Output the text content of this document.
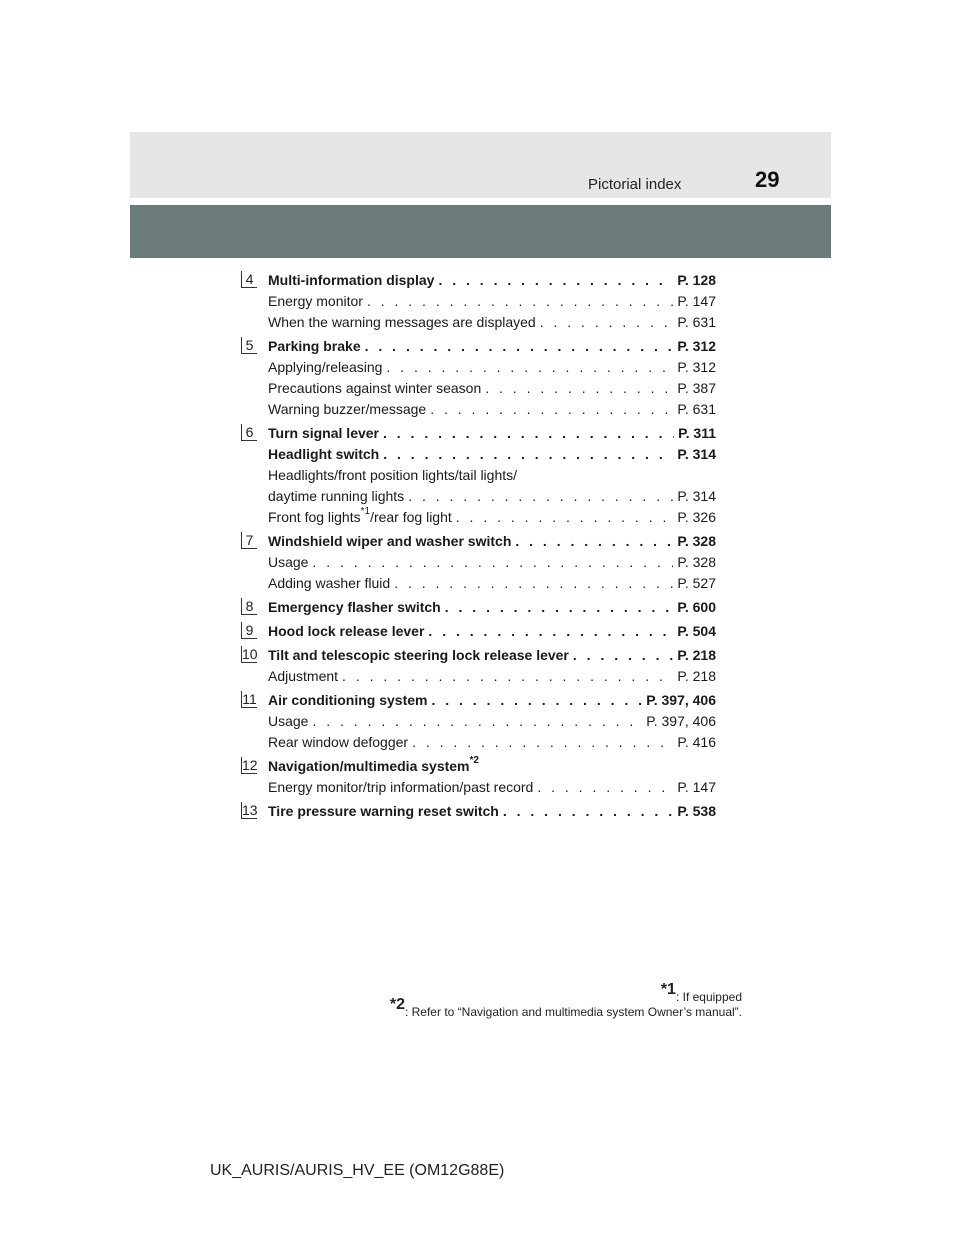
Pictorial index	29
4 Multi-information display . . .	P. 128
Energy monitor . . .	P. 147
When the warning messages are displayed . . .	P. 631
5 Parking brake . . .	P. 312
Applying/releasing . . .	P. 312
Precautions against winter season . . .	P. 387
Warning buzzer/message . . .	P. 631
6 Turn signal lever . . .	P. 311
Headlight switch . . .	P. 314
Headlights/front position lights/tail lights/
daytime running lights . . .	P. 314
Front fog lights$^{*1}$/rear fog light . . .	P. 326
7 Windshield wiper and washer switch . . .	P. 328
Usage . . .	P. 328
Adding washer fluid . . .	P. 527
8 Emergency flasher switch . . .	P. 600
9 Hood lock release lever . . .	P. 504
10 Tilt and telescopic steering lock release lever . . .	P. 218
Adjustment . . .	P. 218
11 Air conditioning system . . .	P. 397, 406
Usage . . .	P. 397, 406
Rear window defogger . . .	P. 416
12 Navigation/multimedia system$^{*2}$
Energy monitor/trip information/past record . . .	P. 147
13 Tire pressure warning reset switch . . .	P. 538
$^{*1}$: If equipped
$^{*2}$: Refer to “Navigation and multimedia system Owner’s manual”.
UK_AURIS/AURIS_HV_EE (OM12G88E)
